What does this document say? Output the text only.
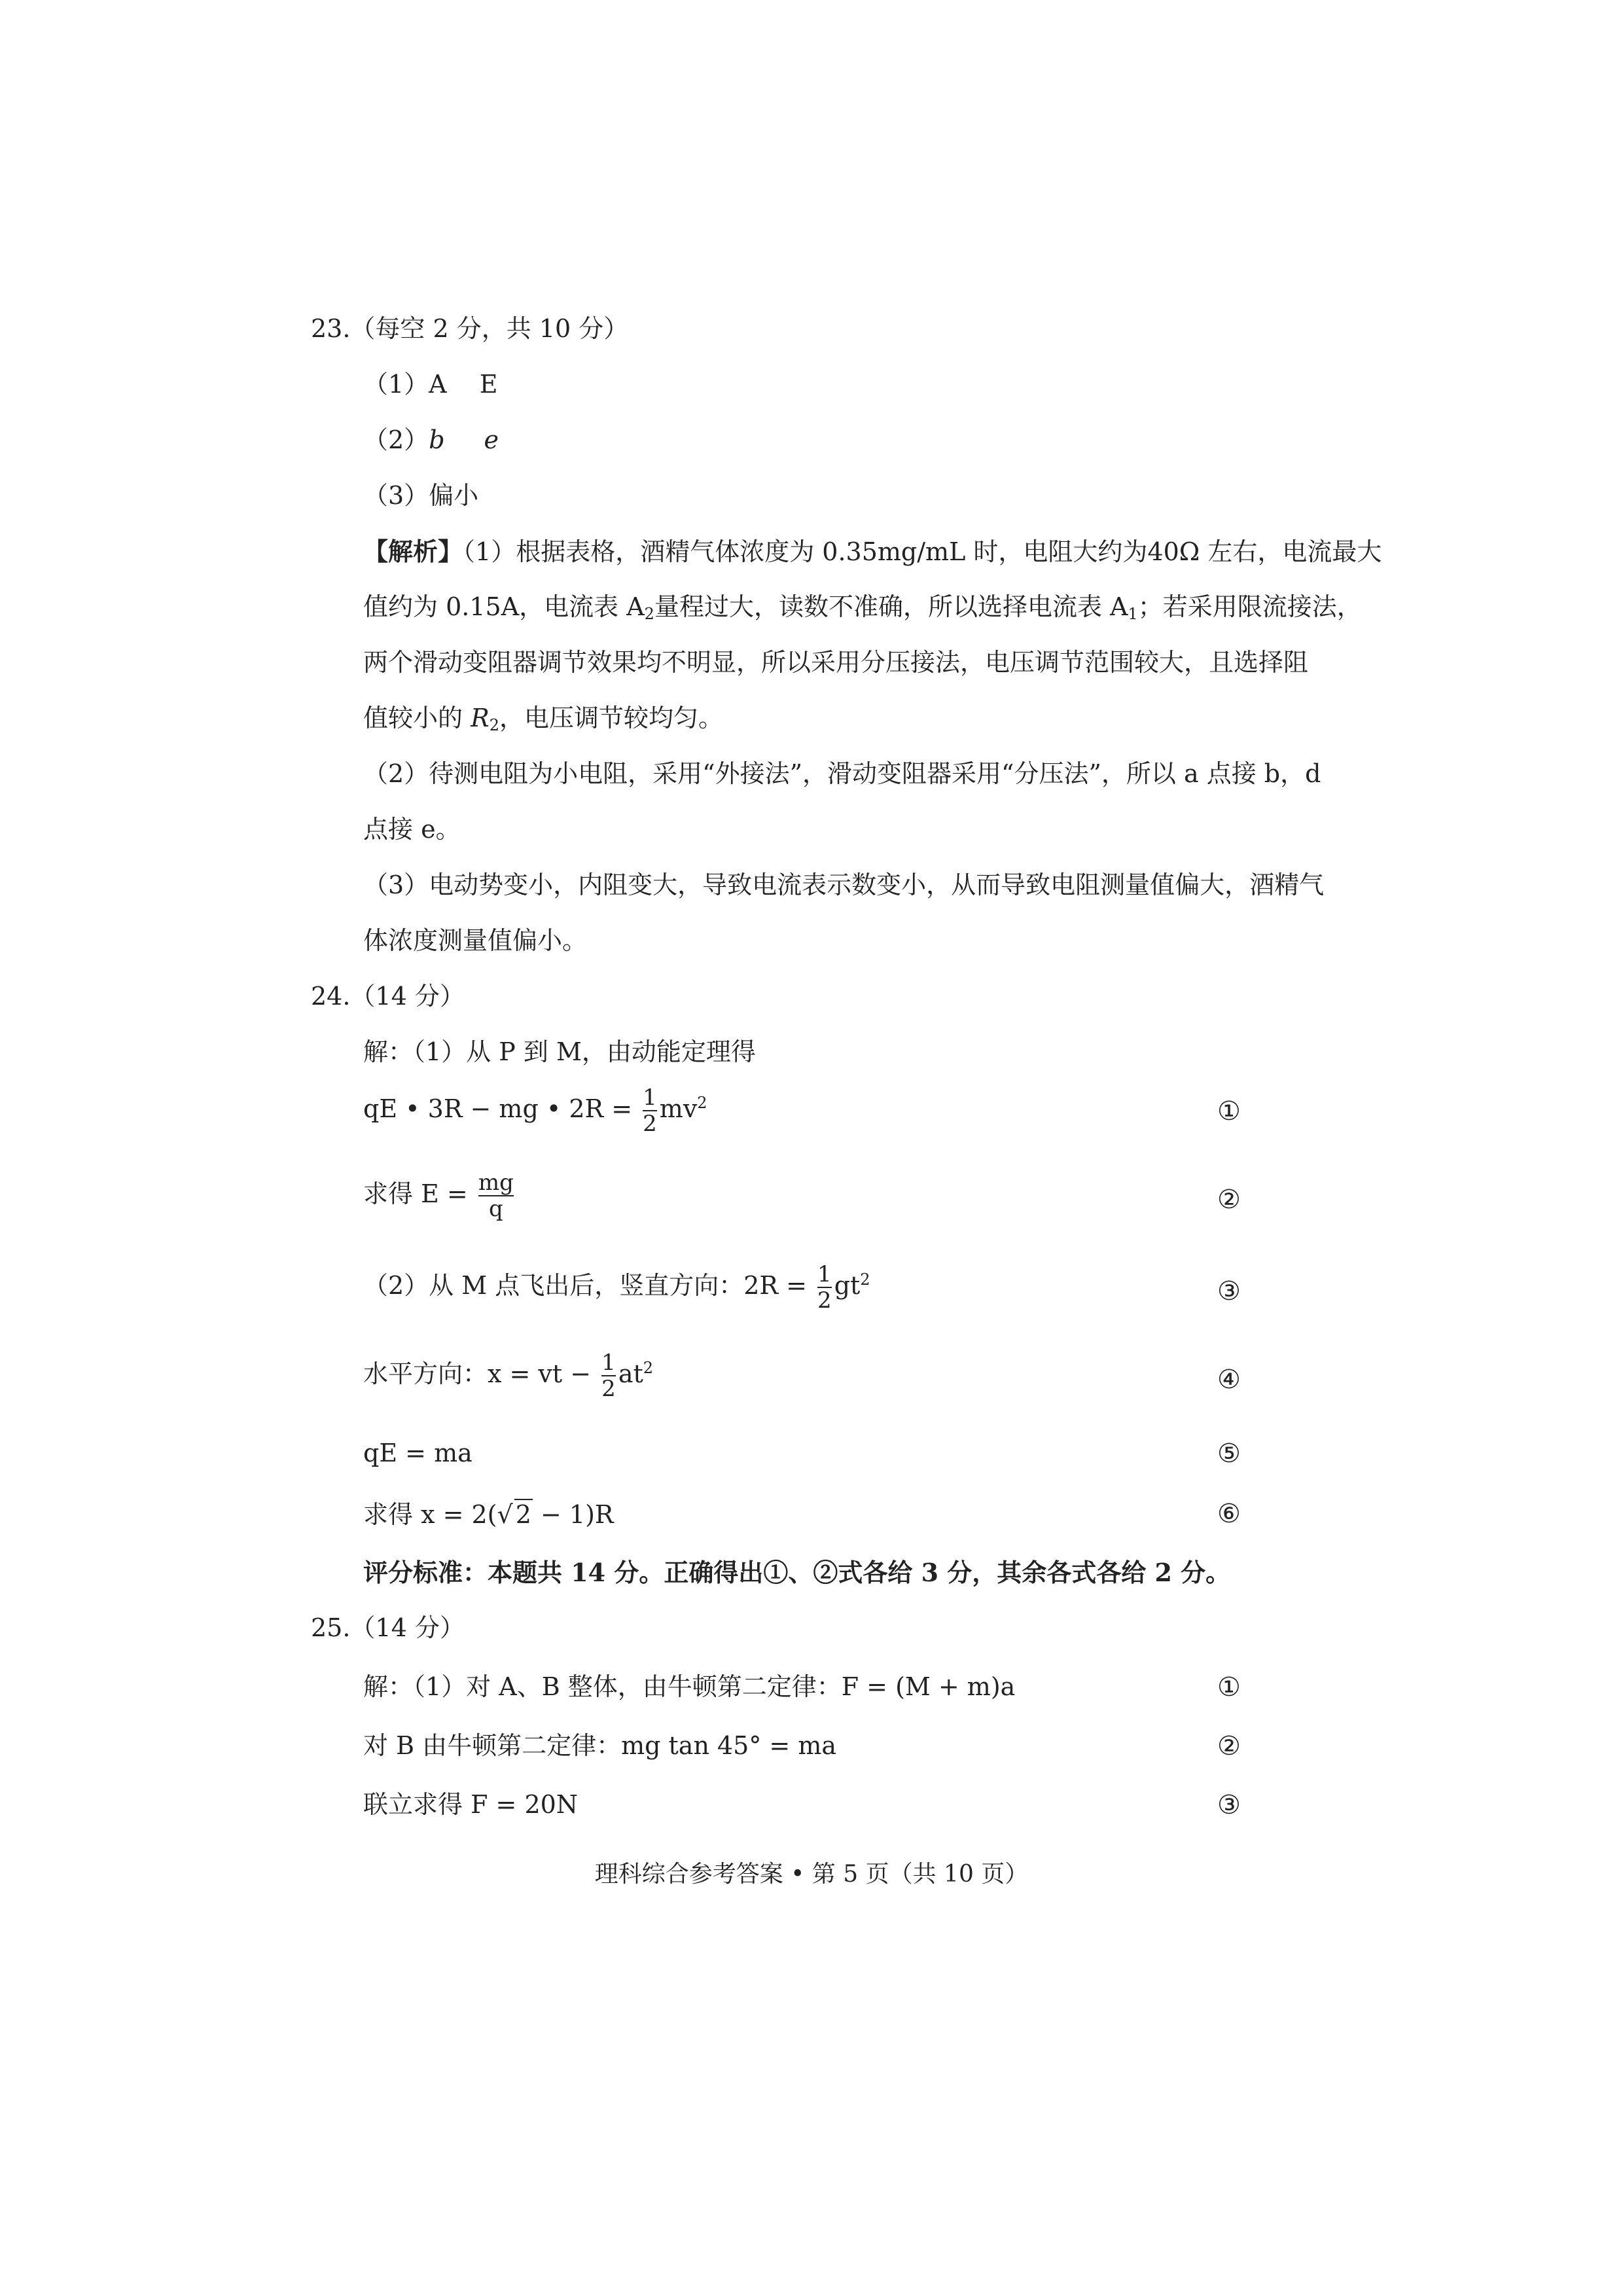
23.（每空 2 分，共 10 分）
（1）A　 E
（2）b e
（3）偏小
【解析】（1）根据表格，酒精气体浓度为 0.35mg/mL 时，电阻大约为40Ω 左右，电流最大
值约为 0.15A，电流表 $A_2$量程过大，读数不准确，所以选择电流表 $A_1$；若采用限流接法，
两个滑动变阻器调节效果均不明显，所以采用分压接法，电压调节范围较大，且选择阻
值较小的 $R_2$，电压调节较均匀。
（2）待测电阻为小电阻，采用“外接法”，滑动变阻器采用“分压法”，所以 a 点接 b，d
点接 e。
（3）电动势变小，内阻变大，导致电流表示数变小，从而导致电阻测量值偏大，酒精气
体浓度测量值偏小。
24.（14 分）
解：（1）从 P 到 M，由动能定理得
qE • 3R − mg • $2R = \frac{1}{2} mv^2$	①
求得 $E = \frac{mg}{q}$	②
（2）从 M 点飞出后，竖直方向：$2R = \frac{1}{2} gt^2$	③
水平方向：x = vt − $\frac{1}{2} at^2$	④
qE = ma	⑤
求得 x = 2(√ 2 − 1)R	⑥
评分标准：本题共 14 分。正确得出①、②式各给 3 分，其余各式各给 2 分。
25.（14 分）
解：（1）对 A、B 整体，由牛顿第二定律：F = (M + m)a	①
对 B 由牛顿第二定律：mg tan 45° = ma	②
联立求得 F = 20N	③
理科综合参考答案 • 第 5 页（共 10 页）
